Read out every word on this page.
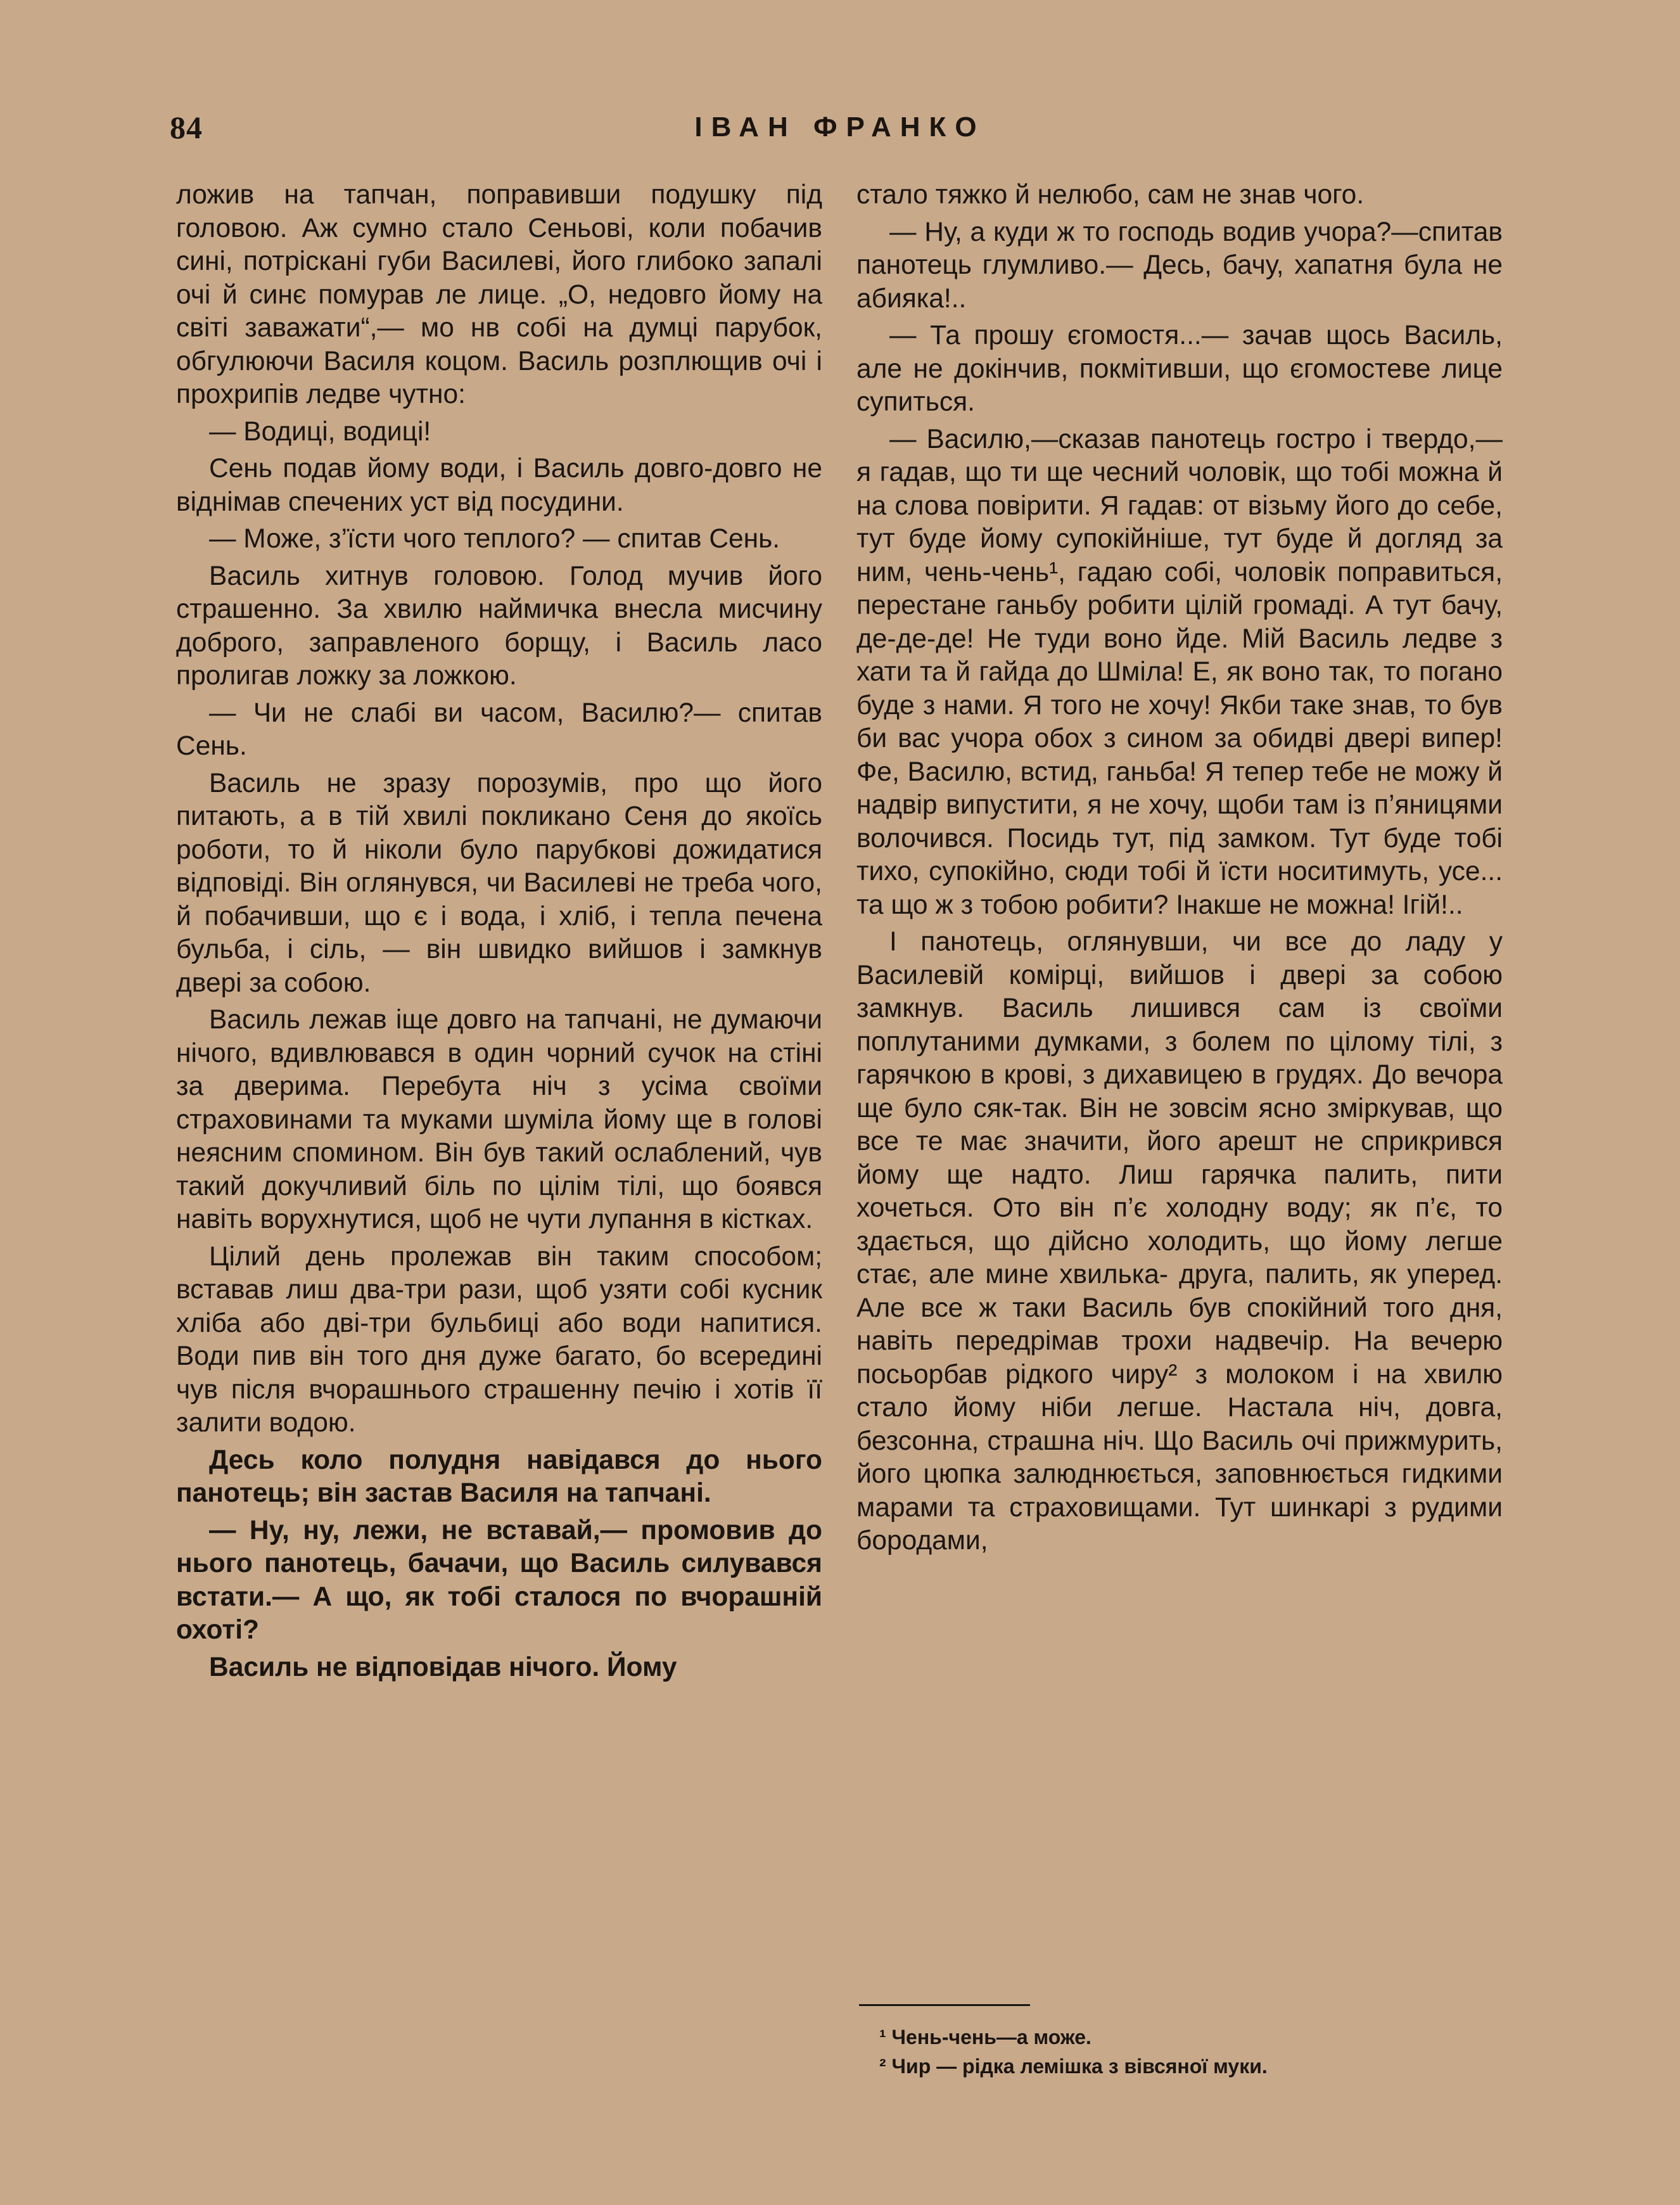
84	ІВАН ФРАНКО

ложив на тапчан, поправивши подушку під головою. Аж сумно стало Сеньові, коли побачив сині, потріскані губи Василеві, його глибоко запалі очі й синє помурав ле лице. „О, недовго йому на світі заважати“,— мо нв собі на думці парубок, обгулюючи Василя коцом. Василь розплющив очі і прохрипів ледве чутно:

— Водиці, водиці!

Сень подав йому води, і Василь довго-довго не віднімав спечених уст від посудини.

— Може, з’їсти чого теплого? — спитав Сень.

Василь хитнув головою. Голод мучив його страшенно. За хвилю наймичка внесла мисчину доброго, заправленого борщу, і Василь ласо пролигав ложку за ложкою.

— Чи не слабі ви часом, Василю?— спитав Сень.

Василь не зразу порозумів, про що його питають, а в тій хвилі покликано Сеня до якоїсь роботи, то й ніколи було парубкові дожидатися відповіді. Він оглянувся, чи Василеві не треба чого, й побачивши, що є і вода, і хліб, і тепла печена бульба, і сіль, — він швидко вийшов і замкнув двері за собою.

Василь лежав іще довго на тапчані, не думаючи нічого, вдивлювався в один чорний сучок на стіні за дверима. Перебута ніч з усіма своїми страховинами та муками шуміла йому ще в голові неясним спомином. Він був такий ослаблений, чув такий докучливий біль по цілім тілі, що боявся навіть ворухнутися, щоб не чути лупання в кістках.

Цілий день пролежав він таким способом; вставав лиш два-три рази, щоб узяти собі кусник хліба або дві-три бульбиці або води напитися. Води пив він того дня дуже багато, бо всередині чув після вчорашнього страшенну печію і хотів її залити водою.

Десь коло полудня навідався до нього панотець; він застав Василя на тапчані.

— Ну, ну, лежи, не вставай,— промовив до нього панотець, бачачи, що Василь силувався встати.— А що, як тобі сталося по вчорашній охоті?

Василь не відповідав нічого. Йому

стало тяжко й нелюбо, сам не знав чого.

— Ну, а куди ж то господь водив учора?—спитав панотець глумливо.— Десь, бачу, хапатня була не абияка!..

— Та прошу єгомостя...— зачав щось Василь, але не докінчив, покмітивши, що єгомостеве лице супиться.

— Василю,—сказав панотець гостро і твердо,— я гадав, що ти ще чесний чоловік, що тобі можна й на слова повірити. Я гадав: от візьму його до себе, тут буде йому супокійніше, тут буде й догляд за ним, чень-чень¹, гадаю собі, чоловік поправиться, перестане ганьбу робити цілій громаді. А тут бачу, де-де-де! Не туди воно йде. Мій Василь ледве з хати та й гайда до Шміла! Е, як воно так, то погано буде з нами. Я того не хочу! Якби таке знав, то був би вас учора обох з сином за обидві двері випер! Фе, Василю, встид, ганьба! Я тепер тебе не можу й надвір випустити, я не хочу, щоби там із п’яницями волочився. Посидь тут, під замком. Тут буде тобі тихо, супокійно, сюди тобі й їсти носитимуть, усе... та що ж з тобою робити? Інакше не можна! Ігій!..

І панотець, оглянувши, чи все до ладу у Василевій комірці, вийшов і двері за собою замкнув. Василь лишився сам із своїми поплутаними думками, з болем по цілому тілі, з гарячкою в крові, з дихавицею в грудях. До вечора ще було сяк-так. Він не зовсім ясно зміркував, що все те має значити, його арешт не сприкрився йому ще надто. Лиш гарячка палить, пити хочеться. Ото він п’є холодну воду; як п’є, то здається, що дійсно холодить, що йому легше стає, але мине хвилька- друга, палить, як уперед. Але все ж таки Василь був спокійний того дня, навіть передрімав трохи надвечір. На вечерю посьорбав рідкого чиру² з молоком і на хвилю стало йому ніби легше. Настала ніч, довга, безсонна, страшна ніч. Що Василь очі прижмурить, його цюпка залюднюється, заповнюється гидкими марами та страховищами. Тут шинкарі з рудими бородами,

¹ Чень-чень—а може.
² Чир — рідка лемішка з вівсяної муки.
